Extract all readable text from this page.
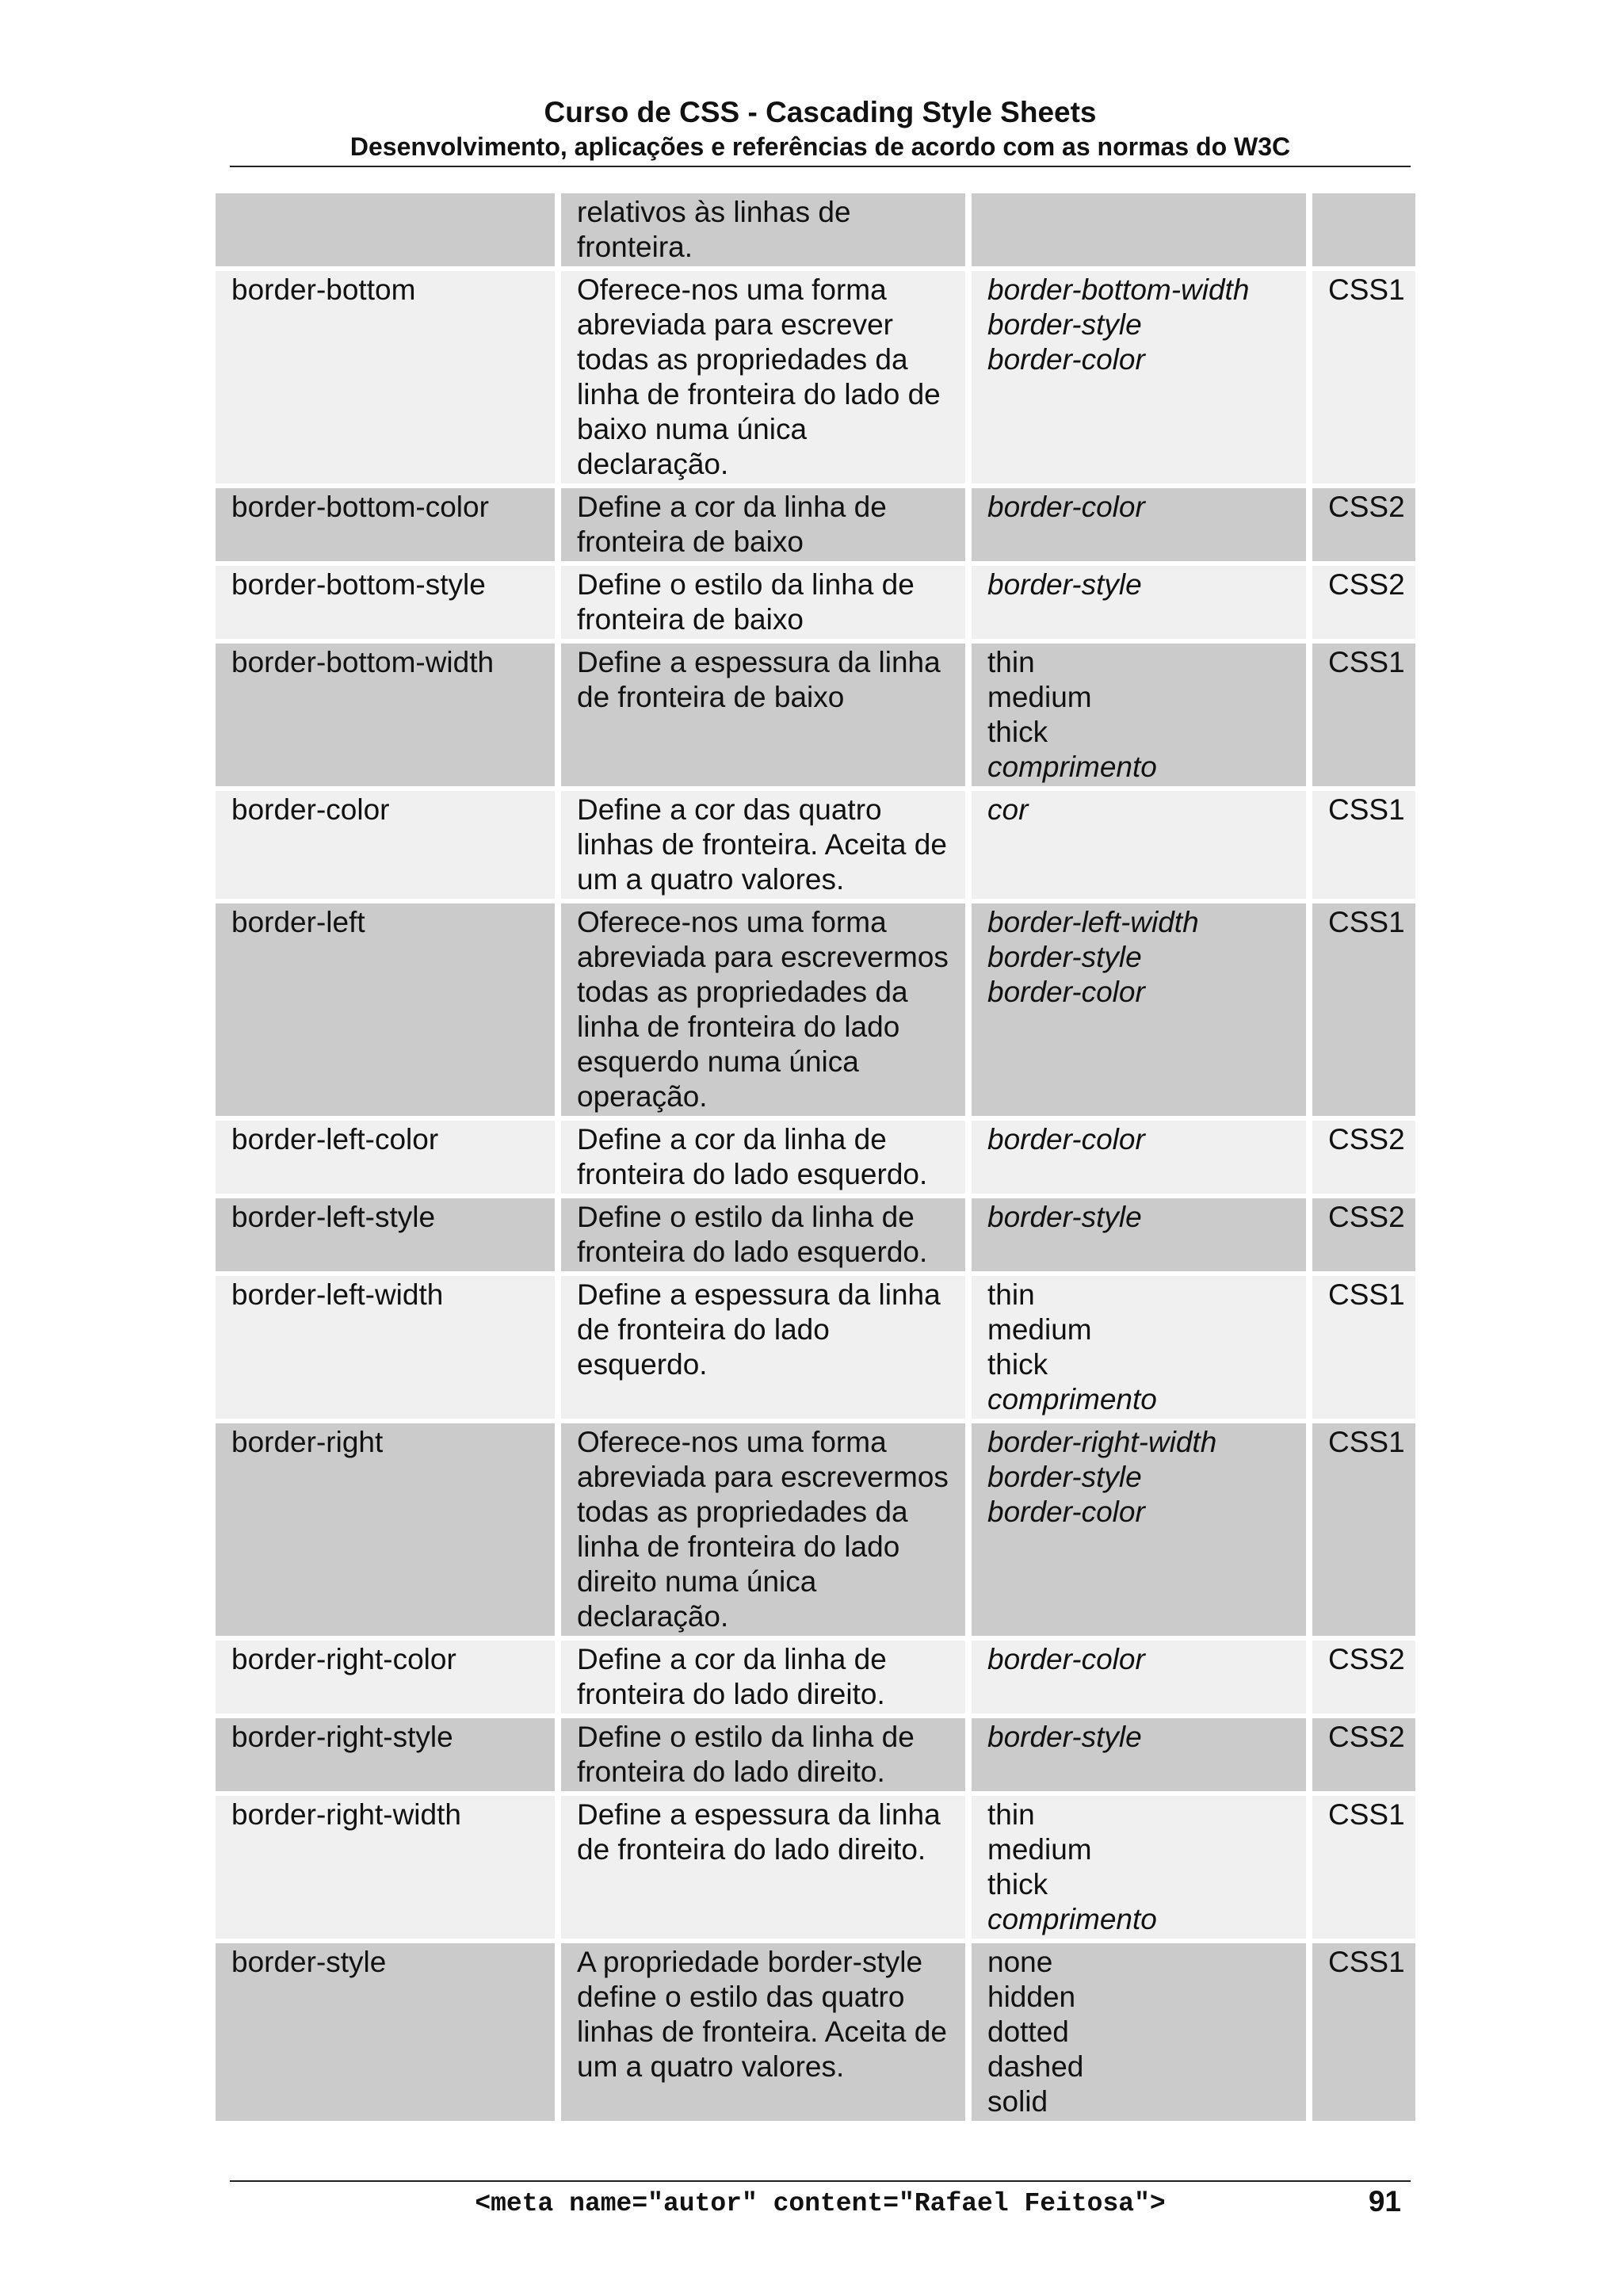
Curso de CSS - Cascading Style Sheets
Desenvolvimento, aplicações e referências de acordo com as normas do W3C
	relativos às linhas de fronteira.		
border-bottom	Oferece-nos uma forma abreviada para escrever todas as propriedades da linha de fronteira do lado de baixo numa única declaração.	border-bottom-width
border-style
border-color	CSS1
border-bottom-color	Define a cor da linha de fronteira de baixo	border-color	CSS2
border-bottom-style	Define o estilo da linha de fronteira de baixo	border-style	CSS2
border-bottom-width	Define a espessura da linha de fronteira de baixo	thin
medium
thick
comprimento	CSS1
border-color	Define a cor das quatro linhas de fronteira. Aceita de um a quatro valores.	cor	CSS1
border-left	Oferece-nos uma forma abreviada para escrevermos todas as propriedades da linha de fronteira do lado esquerdo numa única operação.	border-left-width
border-style
border-color	CSS1
border-left-color	Define a cor da linha de fronteira do lado esquerdo.	border-color	CSS2
border-left-style	Define o estilo da linha de fronteira do lado esquerdo.	border-style	CSS2
border-left-width	Define a espessura da linha de fronteira do lado esquerdo.	thin
medium
thick
comprimento	CSS1
border-right	Oferece-nos uma forma abreviada para escrevermos todas as propriedades da linha de fronteira do lado direito numa única declaração.	border-right-width
border-style
border-color	CSS1
border-right-color	Define a cor da linha de fronteira do lado direito.	border-color	CSS2
border-right-style	Define o estilo da linha de fronteira do lado direito.	border-style	CSS2
border-right-width	Define a espessura da linha de fronteira do lado direito.	thin
medium
thick
comprimento	CSS1
border-style	A propriedade border-style define o estilo das quatro linhas de fronteira. Aceita de um a quatro valores.	none
hidden
dotted
dashed
solid	CSS1
<meta name="autor" content="Rafael Feitosa">	91
